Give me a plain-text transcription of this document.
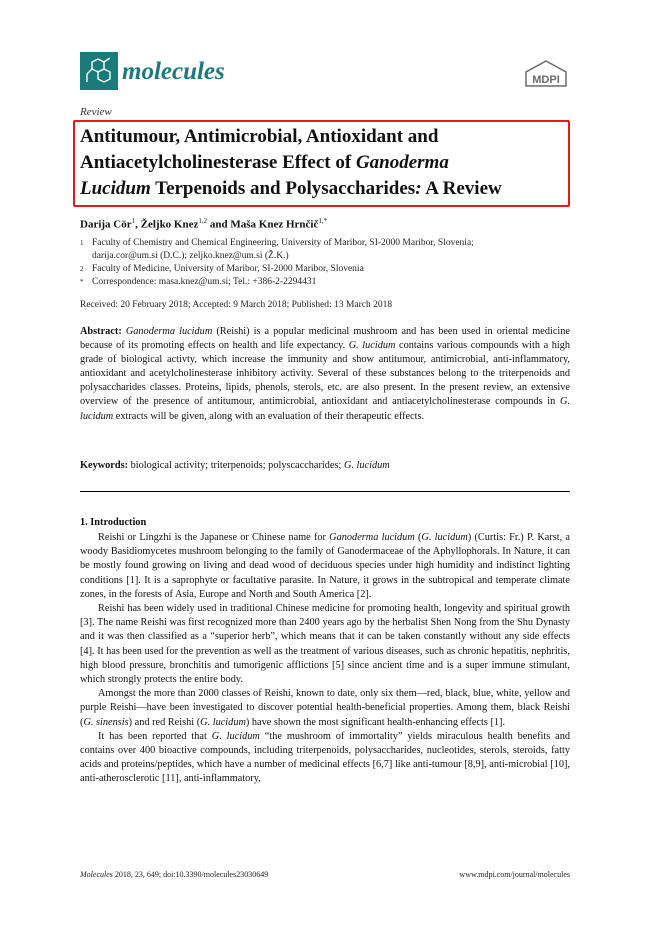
molecules	MDPI
Review
Antitumour, Antimicrobial, Antioxidant and
Antiacetylcholinesterase Effect of Ganoderma
Lucidum Terpenoids and Polysaccharides: A Review
Darija Cör$^1$, Željko Knez$^{1,2}$ and Maša Knez Hrnčič$^{1,*}$
1 Faculty of Chemistry and Chemical Engineering, University of Maribor, SI-2000 Maribor, Slovenia;
darija.cor@um.si (D.C.); zeljko.knez@um.si (Ž.K.)
2 Faculty of Medicine, University of Maribor, SI-2000 Maribor, Slovenia
* Correspondence: masa.knez@um.si; Tel.: +386-2-2294431
Received: 20 February 2018; Accepted: 9 March 2018; Published: 13 March 2018
Abstract: Ganoderma lucidum (Reishi) is a popular medicinal mushroom and has been used in oriental medicine because of its promoting effects on health and life expectancy. G. lucidum contains various compounds with a high grade of biological activty, which increase the immunity and show antitumour, antimicrobial, anti-inflammatory, antioxidant and acetylcholinesterase inhibitory activity. Several of these substances belong to the triterpenoids and polysaccharides classes. Proteins, lipids, phenols, sterols, etc. are also present. In the present review, an extensive overview of the presence of antitumour, antimicrobial, antioxidant and antiacetylcholinesterase compounds in G. lucidum extracts will be given, along with an evaluation of their therapeutic effects.
Keywords: biological activity; triterpenoids; polyscaccharides; G. lucidum
1. Introduction

Reishi or Lingzhi is the Japanese or Chinese name for Ganoderma lucidum (G. lucidum) (Curtis: Fr.) P. Karst, a woody Basidiomycetes mushroom belonging to the family of Ganodermaceae of the Aphyllophorals. In Nature, it can be mostly found growing on living and dead wood of deciduous species under high humidity and indistinct lighting conditions [1]. It is a saprophyte or facultative parasite. In Nature, it grows in the subtropical and temperate climate zones, in the forests of Asia, Europe and North and South America [2].

Reishi has been widely used in traditional Chinese medicine for promoting health, longevity and spiritual growth [3]. The name Reishi was first recognized more than 2400 years ago by the herbalist Shen Nong from the Shu Dynasty and it was then classified as a “superior herb”, which means that it can be taken constantly without any side effects [4]. It has been used for the prevention as well as the treatment of various diseases, such as chronic hepatitis, nephritis, high blood pressure, bronchitis and tumorigenic afflictions [5] since ancient time and is a super immune stimulant, which strongly protects the entire body.

Amongst the more than 2000 classes of Reishi, known to date, only six them—red, black, blue, white, yellow and purple Reishi—have been investigated to discover potential health-beneficial properties. Among them, black Reishi (G. sinensis) and red Reishi (G. lucidum) have shown the most significant health-enhancing effects [1].

It has been reported that G. lucidum “the mushroom of immortality” yields miraculous health benefits and contains over 400 bioactive compounds, including triterpenoids, polysaccharides, nucleotides, sterols, steroids, fatty acids and proteins/peptides, which have a number of medicinal effects [6,7] like anti-tumour [8,9], anti-microbial [10], anti-atherosclerotic [11], anti-inflammatory,

Molecules 2018, 23, 649; doi:10.3390/molecules23030649	www.mdpi.com/journal/molecules
